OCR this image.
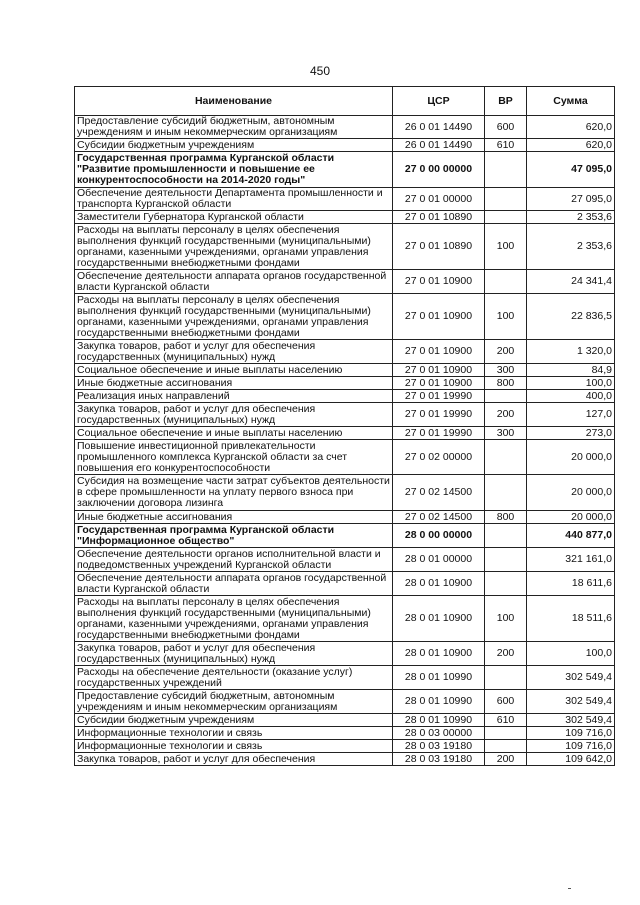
450
Наименование	ЦСР	ВР	Сумма
Предоставление субсидий бюджетным, автономным учреждениям и иным некоммерческим организациям	26 0 01 14490	600	620,0
Субсидии бюджетным учреждениям	26 0 01 14490	610	620,0
Государственная программа Курганской области "Развитие промышленности и повышение ее конкурентоспособности на 2014-2020 годы"	27 0 00 00000		47 095,0
Обеспечение деятельности Департамента промышленности и транспорта Курганской области	27 0 01 00000		27 095,0
Заместители Губернатора Курганской области	27 0 01 10890		2 353,6
Расходы на выплаты персоналу в целях обеспечения выполнения функций государственными (муниципальными) органами, казенными учреждениями, органами управления государственными внебюджетными фондами	27 0 01 10890	100	2 353,6
Обеспечение деятельности аппарата органов государственной власти Курганской области	27 0 01 10900		24 341,4
Расходы на выплаты персоналу в целях обеспечения выполнения функций государственными (муниципальными) органами, казенными учреждениями, органами управления государственными внебюджетными фондами	27 0 01 10900	100	22 836,5
Закупка товаров, работ и услуг для обеспечения государственных (муниципальных) нужд	27 0 01 10900	200	1 320,0
Социальное обеспечение и иные выплаты населению	27 0 01 10900	300	84,9
Иные бюджетные ассигнования	27 0 01 10900	800	100,0
Реализация иных направлений	27 0 01 19990		400,0
Закупка товаров, работ и услуг для обеспечения государственных (муниципальных) нужд	27 0 01 19990	200	127,0
Социальное обеспечение и иные выплаты населению	27 0 01 19990	300	273,0
Повышение инвестиционной привлекательности промышленного комплекса Курганской области за счет повышения его конкурентоспособности	27 0 02 00000		20 000,0
Субсидия на возмещение части затрат субъектов деятельности в сфере промышленности на уплату первого взноса при заключении договора лизинга	27 0 02 14500		20 000,0
Иные бюджетные ассигнования	27 0 02 14500	800	20 000,0
Государственная программа Курганской области "Информационное общество"	28 0 00 00000		440 877,0
Обеспечение деятельности органов исполнительной власти и подведомственных учреждений Курганской области	28 0 01 00000		321 161,0
Обеспечение деятельности аппарата органов государственной власти Курганской области	28 0 01 10900		18 611,6
Расходы на выплаты персоналу в целях обеспечения выполнения функций государственными (муниципальными) органами, казенными учреждениями, органами управления государственными внебюджетными фондами	28 0 01 10900	100	18 511,6
Закупка товаров, работ и услуг для обеспечения государственных (муниципальных) нужд	28 0 01 10900	200	100,0
Расходы на обеспечение деятельности (оказание услуг) государственных учреждений	28 0 01 10990		302 549,4
Предоставление субсидий бюджетным, автономным учреждениям и иным некоммерческим организациям	28 0 01 10990	600	302 549,4
Субсидии бюджетным учреждениям	28 0 01 10990	610	302 549,4
Информационные технологии и связь	28 0 03 00000		109 716,0
Информационные технологии и связь	28 0 03 19180		109 716,0
Закупка товаров, работ и услуг для обеспечения	28 0 03 19180	200	109 642,0
